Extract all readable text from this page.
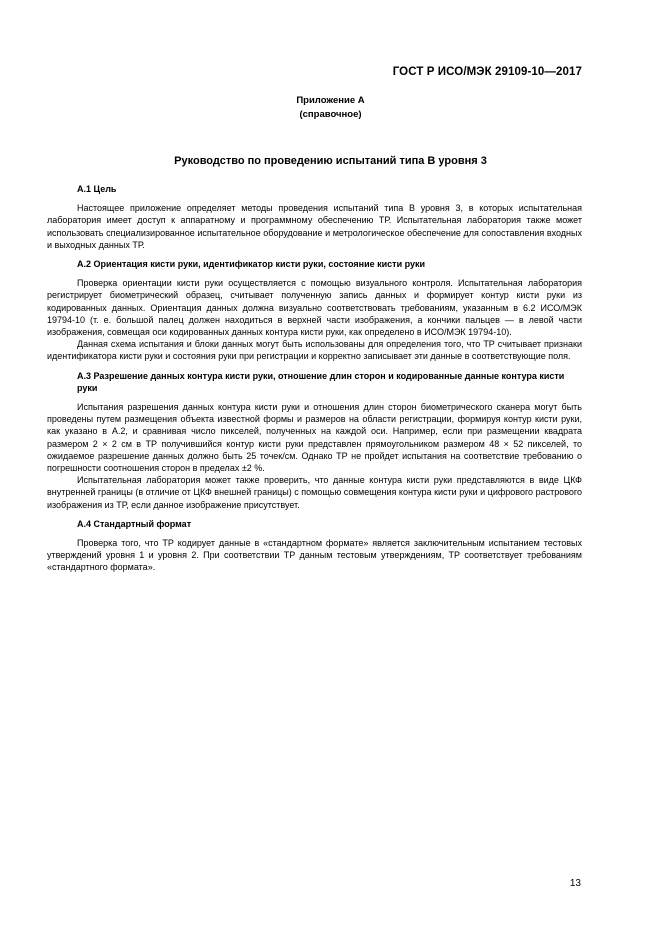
ГОСТ Р ИСО/МЭК 29109-10—2017
Приложение А
(справочное)
Руководство по проведению испытаний типа В уровня 3
А.1 Цель

Настоящее приложение определяет методы проведения испытаний типа В уровня 3, в которых испытательная лаборатория имеет доступ к аппаратному и программному обеспечению ТР. Испытательная лаборатория также может использовать специализированное испытательное оборудование и метрологическое обеспечение для сопоставления входных и выходных данных ТР.

А.2 Ориентация кисти руки, идентификатор кисти руки, состояние кисти руки

Проверка ориентации кисти руки осуществляется с помощью визуального контроля. Испытательная лаборатория регистрирует биометрический образец, считывает полученную запись данных и формирует контур кисти руки из кодированных данных. Ориентация данных должна визуально соответствовать требованиям, указанным в 6.2 ИСО/МЭК 19794-10 (т. е. большой палец должен находиться в верхней части изображения, а кончики пальцев — в левой части изображения, совмещая оси кодированных данных контура кисти руки, как определено в ИСО/МЭК 19794-10).

Данная схема испытания и блоки данных могут быть использованы для определения того, что ТР считывает признаки идентификатора кисти руки и состояния руки при регистрации и корректно записывает эти данные в соответствующие поля.

А.3 Разрешение данных контура кисти руки, отношение длин сторон и кодированные данные контура кисти руки

Испытания разрешения данных контура кисти руки и отношения длин сторон биометрического сканера могут быть проведены путем размещения объекта известной формы и размеров на области регистрации, формируя контур кисти руки, как указано в А.2, и сравнивая число пикселей, полученных на каждой оси. Например, если при размещении квадрата размером 2 × 2 см в ТР получившийся контур кисти руки представлен прямоугольником размером 48 × 52 пикселей, то ожидаемое разрешение данных должно быть 25 точек/см. Однако ТР не пройдет испытания на соответствие требованию о погрешности соотношения сторон в пределах ±2 %.

Испытательная лаборатория может также проверить, что данные контура кисти руки представляются в виде ЦКФ внутренней границы (в отличие от ЦКФ внешней границы) с помощью совмещения контура кисти руки и цифрового растрового изображения из ТР, если данное изображение присутствует.

А.4 Стандартный формат

Проверка того, что ТР кодирует данные в «стандартном формате» является заключительным испытанием тестовых утверждений уровня 1 и уровня 2. При соответствии ТР данным тестовым утверждениям, ТР соответствует требованиям «стандартного формата».

13
